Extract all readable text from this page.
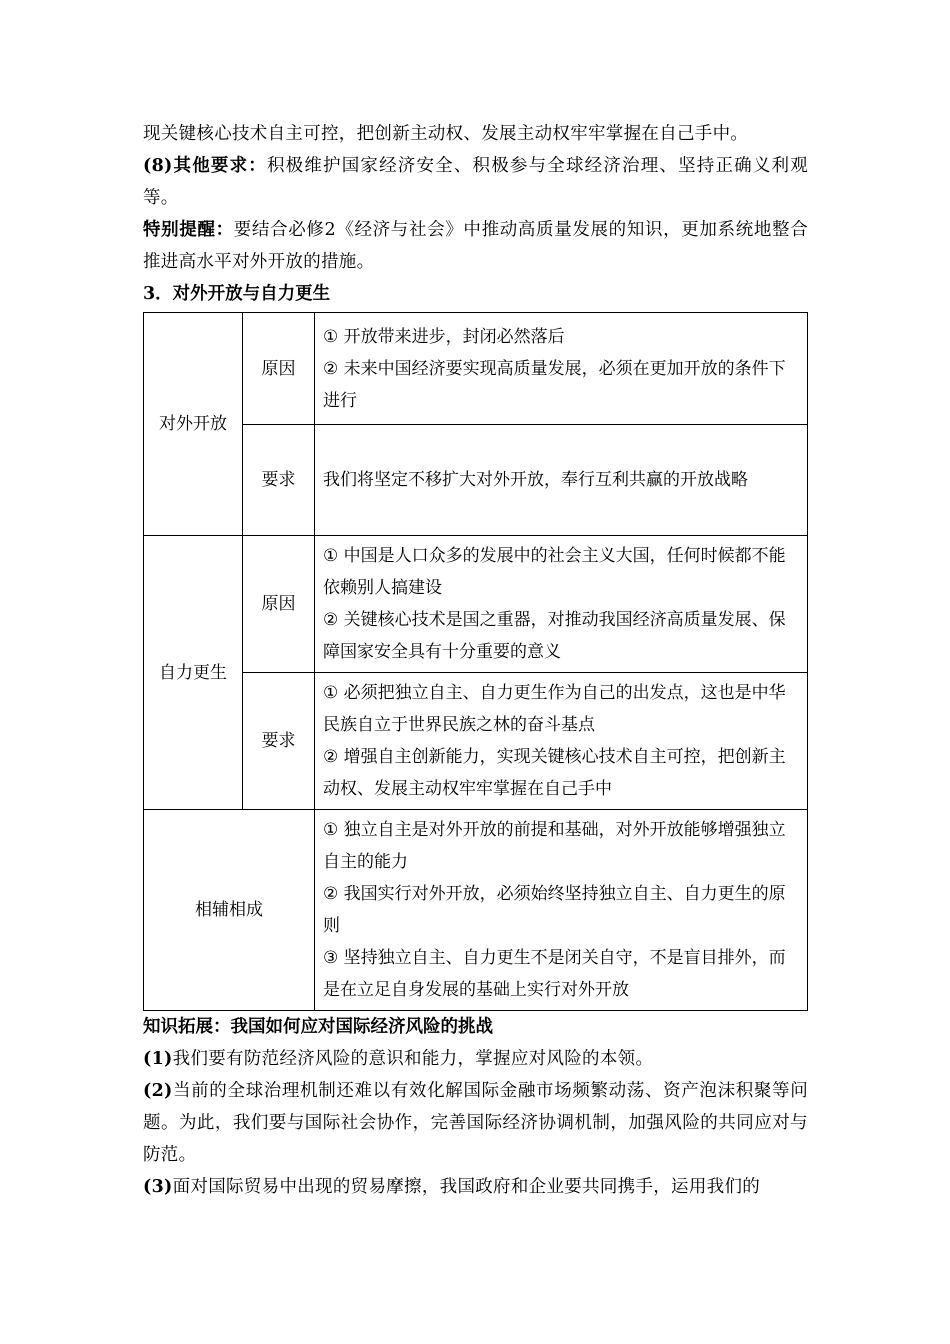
现关键核心技术自主可控，把创新主动权、发展主动权牢牢掌握在自己手中。

(8)其他要求：积极维护国家经济安全、积极参与全球经济治理、坚持正确义利观等。

特别提醒：要结合必修2《经济与社会》中推动高质量发展的知识，更加系统地整合推进高水平对外开放的措施。

3．对外开放与自力更生

对外开放	原因	① 开放带来进步，封闭必然落后
② 未来中国经济要实现高质量发展，必须在更加开放的条件下进行

	要求	我们将坚定不移扩大对外开放，奉行互利共赢的开放战略

自力更生	原因	① 中国是人口众多的发展中的社会主义大国，任何时候都不能依赖别人搞建设
② 关键核心技术是国之重器，对推动我国经济高质量发展、保障国家安全具有十分重要的意义

	要求	① 必须把独立自主、自力更生作为自己的出发点，这也是中华民族自立于世界民族之林的奋斗基点
② 增强自主创新能力，实现关键核心技术自主可控，把创新主动权、发展主动权牢牢掌握在自己手中

相辅相成		① 独立自主是对外开放的前提和基础，对外开放能够增强独立自主的能力
② 我国实行对外开放，必须始终坚持独立自主、自力更生的原则
③ 坚持独立自主、自力更生不是闭关自守，不是盲目排外，而是在立足自身发展的基础上实行对外开放

知识拓展：我国如何应对国际经济风险的挑战

(1)我们要有防范经济风险的意识和能力，掌握应对风险的本领。

(2)当前的全球治理机制还难以有效化解国际金融市场频繁动荡、资产泡沫积聚等问题。为此，我们要与国际社会协作，完善国际经济协调机制，加强风险的共同应对与防范。

(3)面对国际贸易中出现的贸易摩擦，我国政府和企业要共同携手，运用我们的
